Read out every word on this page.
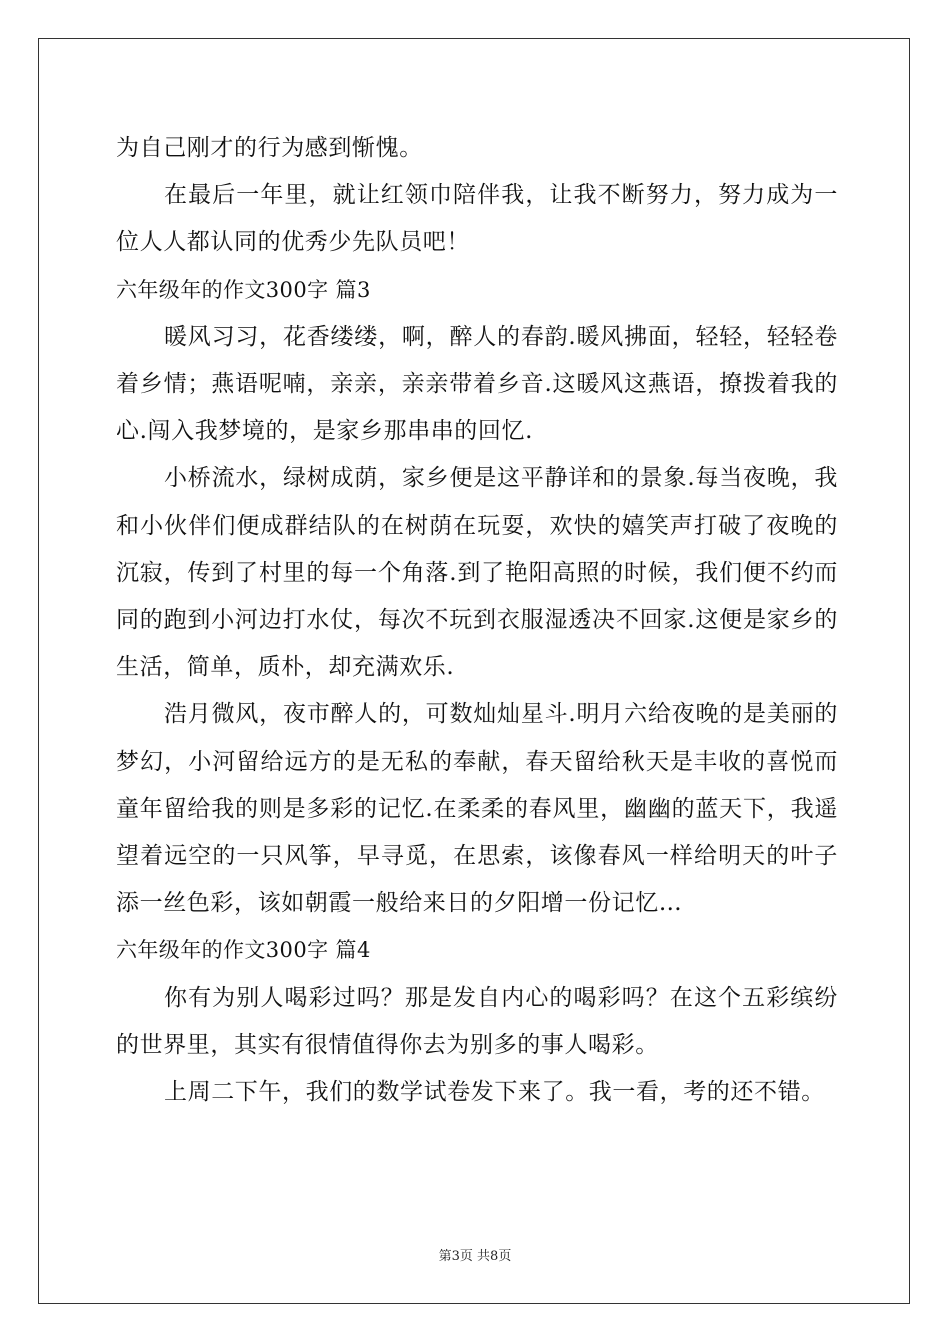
为自己刚才的行为感到惭愧。

在最后一年里，就让红领巾陪伴我，让我不断努力，努力成为一位人人都认同的优秀少先队员吧！

六年级年的作文300字 篇3

暖风习习，花香缕缕，啊，醉人的春韵.暖风拂面，轻轻，轻轻卷着乡情；燕语呢喃，亲亲，亲亲带着乡音.这暖风这燕语，撩拨着我的心.闯入我梦境的，是家乡那串串的回忆.

小桥流水，绿树成荫，家乡便是这平静详和的景象.每当夜晚，我和小伙伴们便成群结队的在树荫在玩耍，欢快的嬉笑声打破了夜晚的沉寂，传到了村里的每一个角落.到了艳阳高照的时候，我们便不约而同的跑到小河边打水仗，每次不玩到衣服湿透决不回家.这便是家乡的生活，简单，质朴，却充满欢乐.

浩月微风，夜市醉人的，可数灿灿星斗.明月六给夜晚的是美丽的梦幻，小河留给远方的是无私的奉献，春天留给秋天是丰收的喜悦而童年留给我的则是多彩的记忆.在柔柔的春风里，幽幽的蓝天下，我遥望着远空的一只风筝，早寻觅，在思索，该像春风一样给明天的叶子添一丝色彩，该如朝霞一般给来日的夕阳增一份记忆…

六年级年的作文300字 篇4

你有为别人喝彩过吗？那是发自内心的喝彩吗？在这个五彩缤纷的世界里，其实有很情值得你去为别多的事人喝彩。

上周二下午，我们的数学试卷发下来了。我一看，考的还不错。

第3页 共8页
